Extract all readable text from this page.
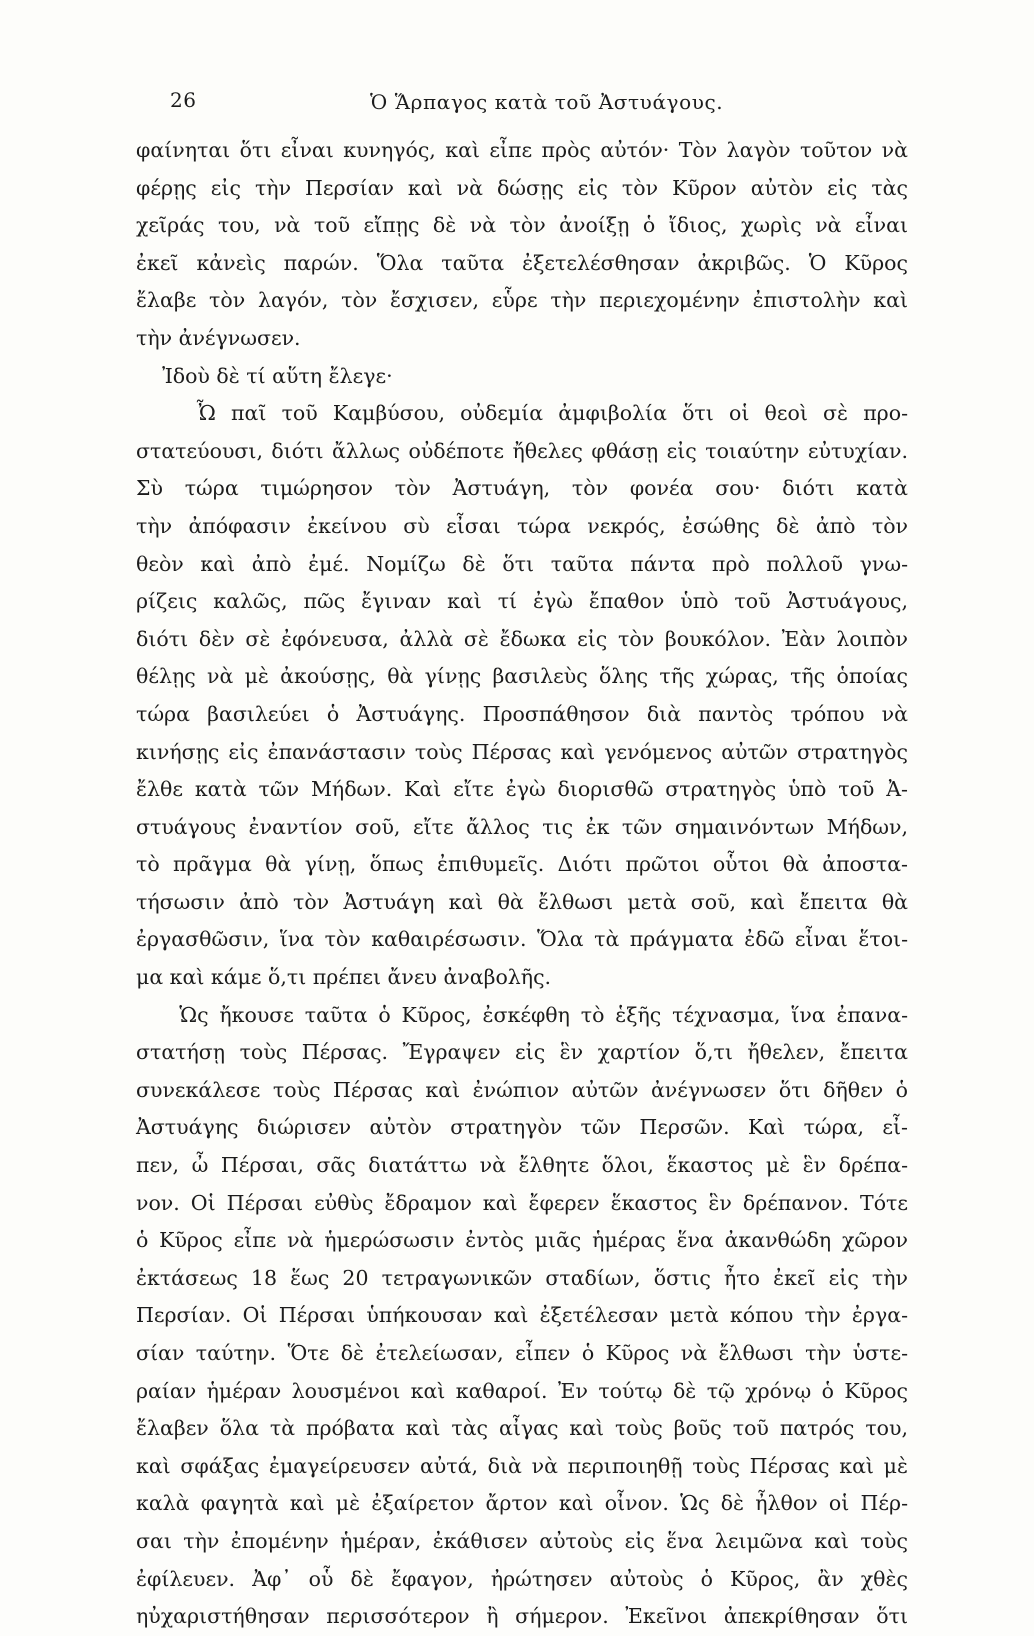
26	Ὁ Ἅρπαγος κατὰ τοῦ Ἀστυάγους.
φαίνηται ὅτι εἶναι κυνηγός, καὶ εἶπε πρὸς αὐτόν· Τὸν λαγὸν τοῦτον νὰ
φέρῃς εἰς τὴν Περσίαν καὶ νὰ δώσῃς εἰς τὸν Κῦρον αὐτὸν εἰς τὰς
χεῖράς του, νὰ τοῦ εἴπῃς δὲ νὰ τὸν ἀνοίξῃ ὁ ἴδιος, χωρὶς νὰ εἶναι
ἐκεῖ κἀνεὶς παρών. Ὅλα ταῦτα ἐξετελέσθησαν ἀκριβῶς. Ὁ Κῦρος
ἔλαβε τὸν λαγόν, τὸν ἔσχισεν, εὗρε τὴν περιεχομένην ἐπιστολὴν καὶ
τὴν ἀνέγνωσεν.
Ἰδοὺ δὲ τί αὕτη ἔλεγε·
Ὦ παῖ τοῦ Καμβύσου, οὐδεμία ἀμφιβολία ὅτι οἱ θεοὶ σὲ προ-
στατεύουσι, διότι ἄλλως οὐδέποτε ἤθελες φθάσῃ εἰς τοιαύτην εὐτυχίαν.
Σὺ τώρα τιμώρησον τὸν Ἀστυάγη, τὸν φονέα σου· διότι κατὰ
τὴν ἀπόφασιν ἐκείνου σὺ εἶσαι τώρα νεκρός, ἐσώθης δὲ ἀπὸ τὸν
θεὸν καὶ ἀπὸ ἐμέ. Νομίζω δὲ ὅτι ταῦτα πάντα πρὸ πολλοῦ γνω-
ρίζεις καλῶς, πῶς ἔγιναν καὶ τί ἐγὼ ἔπαθον ὑπὸ τοῦ Ἀστυάγους,
διότι δὲν σὲ ἐφόνευσα, ἀλλὰ σὲ ἔδωκα εἰς τὸν βουκόλον. Ἐὰν λοιπὸν
θέλῃς νὰ μὲ ἀκούσῃς, θὰ γίνῃς βασιλεὺς ὅλης τῆς χώρας, τῆς ὁποίας
τώρα βασιλεύει ὁ Ἀστυάγης. Προσπάθησον διὰ παντὸς τρόπου νὰ
κινήσῃς εἰς ἐπανάστασιν τοὺς Πέρσας καὶ γενόμενος αὐτῶν στρατηγὸς
ἔλθε κατὰ τῶν Μήδων. Καὶ εἴτε ἐγὼ διορισθῶ στρατηγὸς ὑπὸ τοῦ Ἀ-
στυάγους ἐναντίον σοῦ, εἴτε ἄλλος τις ἐκ τῶν σημαινόντων Μήδων,
τὸ πρᾶγμα θὰ γίνῃ, ὅπως ἐπιθυμεῖς. Διότι πρῶτοι οὗτοι θὰ ἀποστα-
τήσωσιν ἀπὸ τὸν Ἀστυάγη καὶ θὰ ἔλθωσι μετὰ σοῦ, καὶ ἔπειτα θὰ
ἐργασθῶσιν, ἵνα τὸν καθαιρέσωσιν. Ὅλα τὰ πράγματα ἐδῶ εἶναι ἕτοι-
μα καὶ κάμε ὅ,τι πρέπει ἄνευ ἀναβολῆς.
Ὡς ἤκουσε ταῦτα ὁ Κῦρος, ἐσκέφθη τὸ ἑξῆς τέχνασμα, ἵνα ἐπανα-
στατήσῃ τοὺς Πέρσας. Ἔγραψεν εἰς ἓν χαρτίον ὅ,τι ἤθελεν, ἔπειτα
συνεκάλεσε τοὺς Πέρσας καὶ ἐνώπιον αὐτῶν ἀνέγνωσεν ὅτι δῆθεν ὁ
Ἀστυάγης διώρισεν αὐτὸν στρατηγὸν τῶν Περσῶν. Καὶ τώρα, εἶ-
πεν, ὦ Πέρσαι, σᾶς διατάττω νὰ ἔλθητε ὅλοι, ἕκαστος μὲ ἓν δρέπα-
νον. Οἱ Πέρσαι εὐθὺς ἔδραμον καὶ ἔφερεν ἕκαστος ἓν δρέπανον. Τότε
ὁ Κῦρος εἶπε νὰ ἡμερώσωσιν ἐντὸς μιᾶς ἡμέρας ἕνα ἀκανθώδη χῶρον
ἐκτάσεως 18 ἕως 20 τετραγωνικῶν σταδίων, ὅστις ἦτο ἐκεῖ εἰς τὴν
Περσίαν. Οἱ Πέρσαι ὑπήκουσαν καὶ ἐξετέλεσαν μετὰ κόπου τὴν ἐργα-
σίαν ταύτην. Ὅτε δὲ ἐτελείωσαν, εἶπεν ὁ Κῦρος νὰ ἔλθωσι τὴν ὑστε-
ραίαν ἡμέραν λουσμένοι καὶ καθαροί. Ἐν τούτῳ δὲ τῷ χρόνῳ ὁ Κῦρος
ἔλαβεν ὅλα τὰ πρόβατα καὶ τὰς αἶγας καὶ τοὺς βοῦς τοῦ πατρός του,
καὶ σφάξας ἐμαγείρευσεν αὐτά, διὰ νὰ περιποιηθῇ τοὺς Πέρσας καὶ μὲ
καλὰ φαγητὰ καὶ μὲ ἐξαίρετον ἄρτον καὶ οἶνον. Ὡς δὲ ἦλθον οἱ Πέρ-
σαι τὴν ἐπομένην ἡμέραν, ἐκάθισεν αὐτοὺς εἰς ἕνα λειμῶνα καὶ τοὺς
ἐφίλευεν. Ἀφ᾽ οὗ δὲ ἔφαγον, ἠρώτησεν αὐτοὺς ὁ Κῦρος, ἂν χθὲς
ηὐχαριστήθησαν περισσότερον ἢ σήμερον. Ἐκεῖνοι ἀπεκρίθησαν ὅτι
